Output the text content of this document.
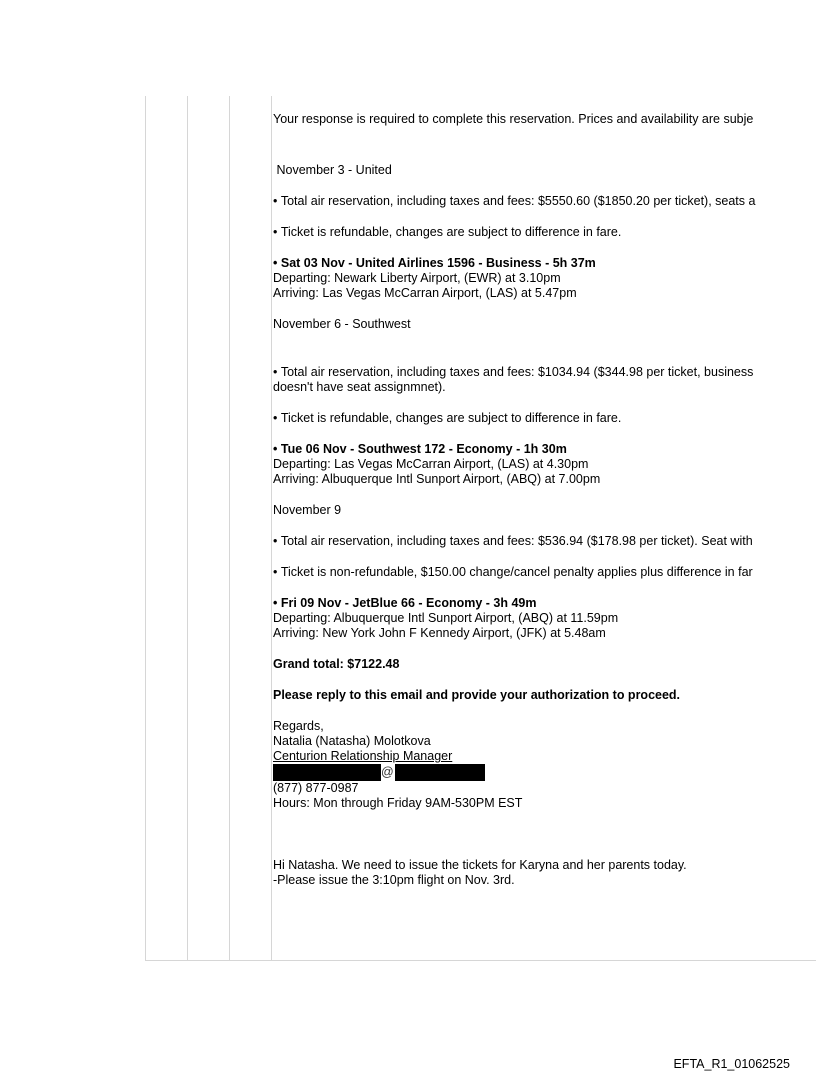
Your response is required to complete this reservation. Prices and availability are subje

November 3 - United

• Total air reservation, including taxes and fees: $5550.60 ($1850.20 per ticket), seats a

• Ticket is refundable, changes are subject to difference in fare.

• Sat 03 Nov - United Airlines 1596 - Business - 5h 37m

Departing: Newark Liberty Airport, (EWR) at 3.10pm

Arriving: Las Vegas McCarran Airport, (LAS) at 5.47pm

November 6 - Southwest

• Total air reservation, including taxes and fees: $1034.94 ($344.98 per ticket, business

doesn't have seat assignmnet).

• Ticket is refundable, changes are subject to difference in fare.

• Tue 06 Nov - Southwest 172 - Economy - 1h 30m

Departing: Las Vegas McCarran Airport, (LAS) at 4.30pm

Arriving: Albuquerque Intl Sunport Airport, (ABQ) at 7.00pm

November 9

• Total air reservation, including taxes and fees: $536.94 ($178.98 per ticket). Seat with

• Ticket is non-refundable, $150.00 change/cancel penalty applies plus difference in far

• Fri 09 Nov - JetBlue 66 - Economy - 3h 49m

Departing: Albuquerque Intl Sunport Airport, (ABQ) at 11.59pm

Arriving: New York John F Kennedy Airport, (JFK) at 5.48am

Grand total: $7122.48

Please reply to this email and provide your authorization to proceed.

Regards,

Natalia (Natasha) Molotkova

Centurion Relationship Manager

@

(877) 877-0987

Hours: Mon through Friday 9AM-530PM EST

Hi Natasha. We need to issue the tickets for Karyna and her parents today.

-Please issue the 3:10pm flight on Nov. 3rd.

EFTA_R1_01062525
